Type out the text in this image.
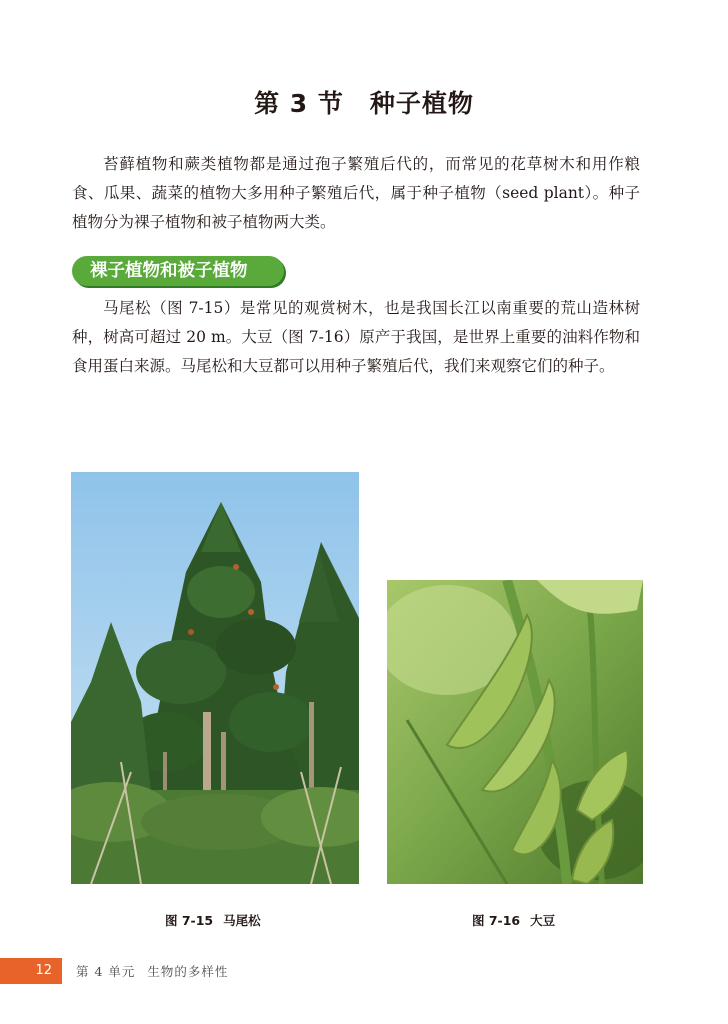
第 3 节 种子植物

苔藓植物和蕨类植物都是通过孢子繁殖后代的，而常见的花草树木和用作粮食、瓜果、蔬菜的植物大多用种子繁殖后代，属于种子植物（seed plant）。种子植物分为裸子植物和被子植物两大类。

裸子植物和被子植物

马尾松（图 7-15）是常见的观赏树木，也是我国长江以南重要的荒山造林树种，树高可超过 20 m。大豆（图 7-16）原产于我国，是世界上重要的油料作物和食用蛋白来源。马尾松和大豆都可以用种子繁殖后代，我们来观察它们的种子。

图 7-15 马尾松	图 7-16 大豆
12	第 4 单元 生物的多样性
